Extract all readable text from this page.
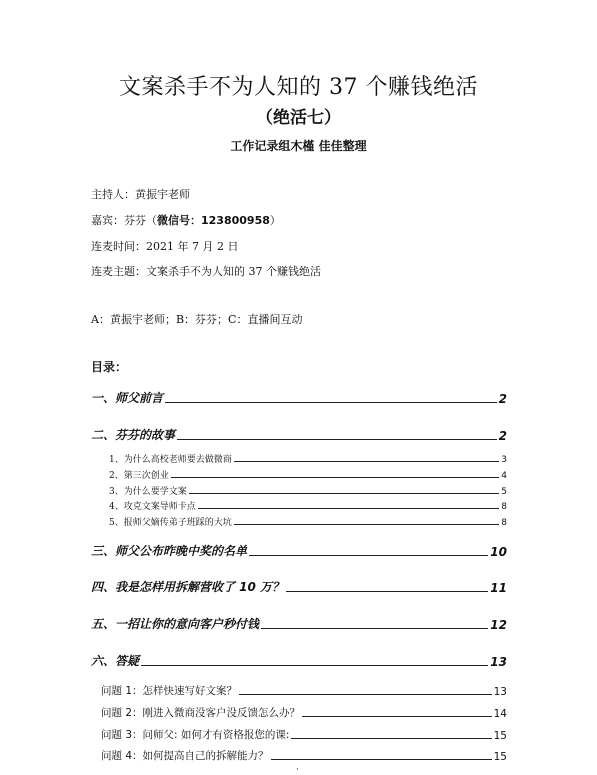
文案杀手不为人知的 37 个赚钱绝活
（绝活七）
工作记录组木槿 佳佳整理
主持人：黄振宇老师
嘉宾：芬芬（微信号：123800958）
连麦时间：2021 年 7 月 2 日
连麦主题：文案杀手不为人知的 37 个赚钱绝活
A：黄振宇老师；B：芬芬；C：直播间互动
目录：
一、师父前言	2
二、芬芬的故事	2
1、为什么高校老师要去做微商	3
2、第三次创业	4
3、为什么要学文案	5
4、攻克文案导师卡点	8
5、报师父嫡传弟子班踩的大坑	8
三、师父公布昨晚中奖的名单	10
四、我是怎样用拆解营收了 10 万？	11
五、一招让你的意向客户秒付钱	12
六、答疑	13
问题 1：怎样快速写好文案？	13
问题 2：刚进入微商没客户没反馈怎么办？	14
问题 3：问师父: 如何才有资格报您的课:	15
问题 4：如何提高自己的拆解能力？	15
·
